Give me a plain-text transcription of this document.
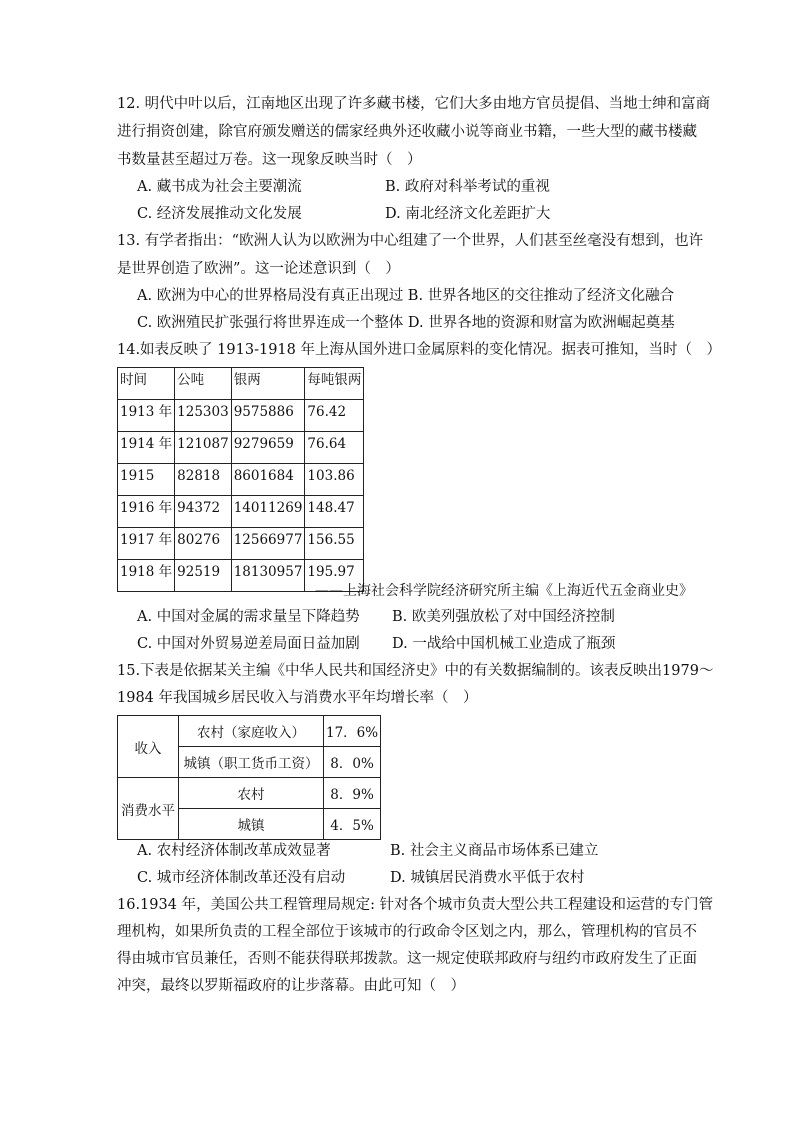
12. 明代中叶以后，江南地区出现了许多藏书楼，它们大多由地方官员提倡、当地士绅和富商
进行捐资创建，除官府颁发赠送的儒家经典外还收藏小说等商业书籍，一些大型的藏书楼藏
书数量甚至超过万卷。这一现象反映当时（　）
A. 藏书成为社会主要潮流	B. 政府对科举考试的重视
C. 经济发展推动文化发展	D. 南北经济文化差距扩大
13. 有学者指出：“欧洲人认为以欧洲为中心组建了一个世界，人们甚至丝毫没有想到，也许
是世界创造了欧洲”。这一论述意识到（　）
A. 欧洲为中心的世界格局没有真正出现过 B. 世界各地区的交往推动了经济文化融合
C. 欧洲殖民扩张强行将世界连成一个整体 D. 世界各地的资源和财富为欧洲崛起奠基
14.如表反映了 1913-1918 年上海从国外进口金属原料的变化情况。据表可推知，当时（　）
时间	公吨	银两	每吨银两
1913 年	125303	9575886	76.42
1914 年	121087	9279659	76.64
1915	82818	8601684	103.86
1916 年	94372	14011269	148.47
1917 年	80276	12566977	156.55
1918 年	92519	18130957	195.97
——上海社会科学院经济研究所主编《上海近代五金商业史》
A. 中国对金属的需求量呈下降趋势 B. 欧美列强放松了对中国经济控制
C. 中国对外贸易逆差局面日益加剧 D. 一战给中国机械工业造成了瓶颈
15.下表是依据某关主编《中华人民共和国经济史》中的有关数据编制的。该表反映出1979～
1984 年我国城乡居民收入与消费水平年均增长率（　）
收入	农村（家庭收入）	17．6%
	城镇（职工货币工资）	8．0%
消费水平	农村	8．9%
	城镇	4．5%
A. 农村经济体制改革成效显著	B. 社会主义商品市场体系已建立
C. 城市经济体制改革还没有启动	D. 城镇居民消费水平低于农村
16.1934 年，美国公共工程管理局规定: 针对各个城市负责大型公共工程建设和运营的专门管
理机构，如果所负责的工程全部位于该城市的行政命令区划之内，那么，管理机构的官员不
得由城市官员兼任，否则不能获得联邦拨款。这一规定使联邦政府与纽约市政府发生了正面
冲突，最终以罗斯福政府的让步落幕。由此可知（　）
